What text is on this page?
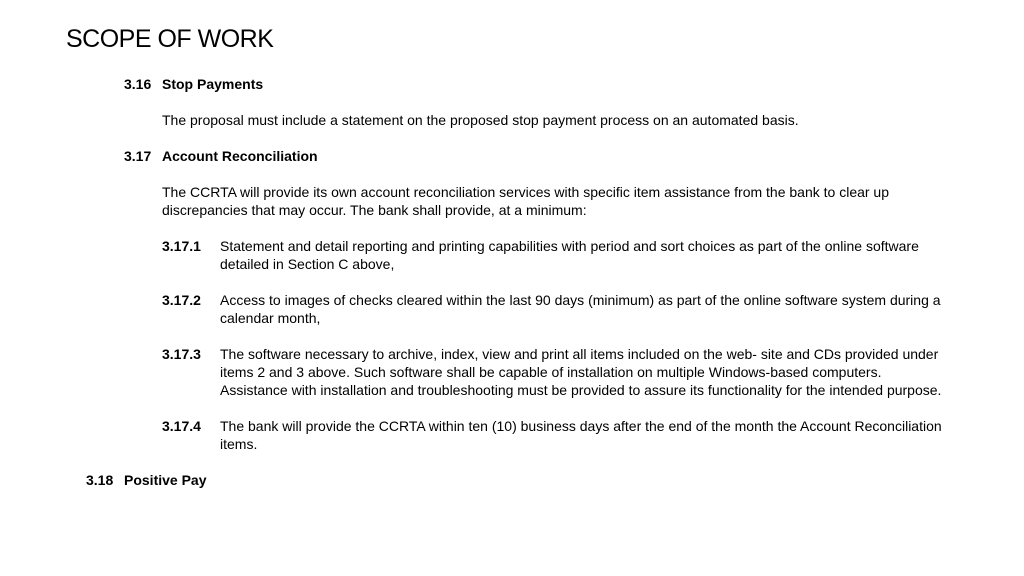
SCOPE OF WORK
3.16 Stop Payments
The proposal must include a statement on the proposed stop payment process on an automated basis.
3.17 Account Reconciliation
The CCRTA will provide its own account reconciliation services with specific item assistance from the bank to clear up
discrepancies that may occur. The bank shall provide, at a minimum:
3.17.1 Statement and detail reporting and printing capabilities with period and sort choices as part of the online software
detailed in Section C above,
3.17.2 Access to images of checks cleared within the last 90 days (minimum) as part of the online software system during a
calendar month,
3.17.3 The software necessary to archive, index, view and print all items included on the web- site and CDs provided under
items 2 and 3 above. Such software shall be capable of installation on multiple Windows-based computers.
Assistance with installation and troubleshooting must be provided to assure its functionality for the intended purpose.
3.17.4 The bank will provide the CCRTA within ten (10) business days after the end of the month the Account Reconciliation
items.
3.18 Positive Pay
